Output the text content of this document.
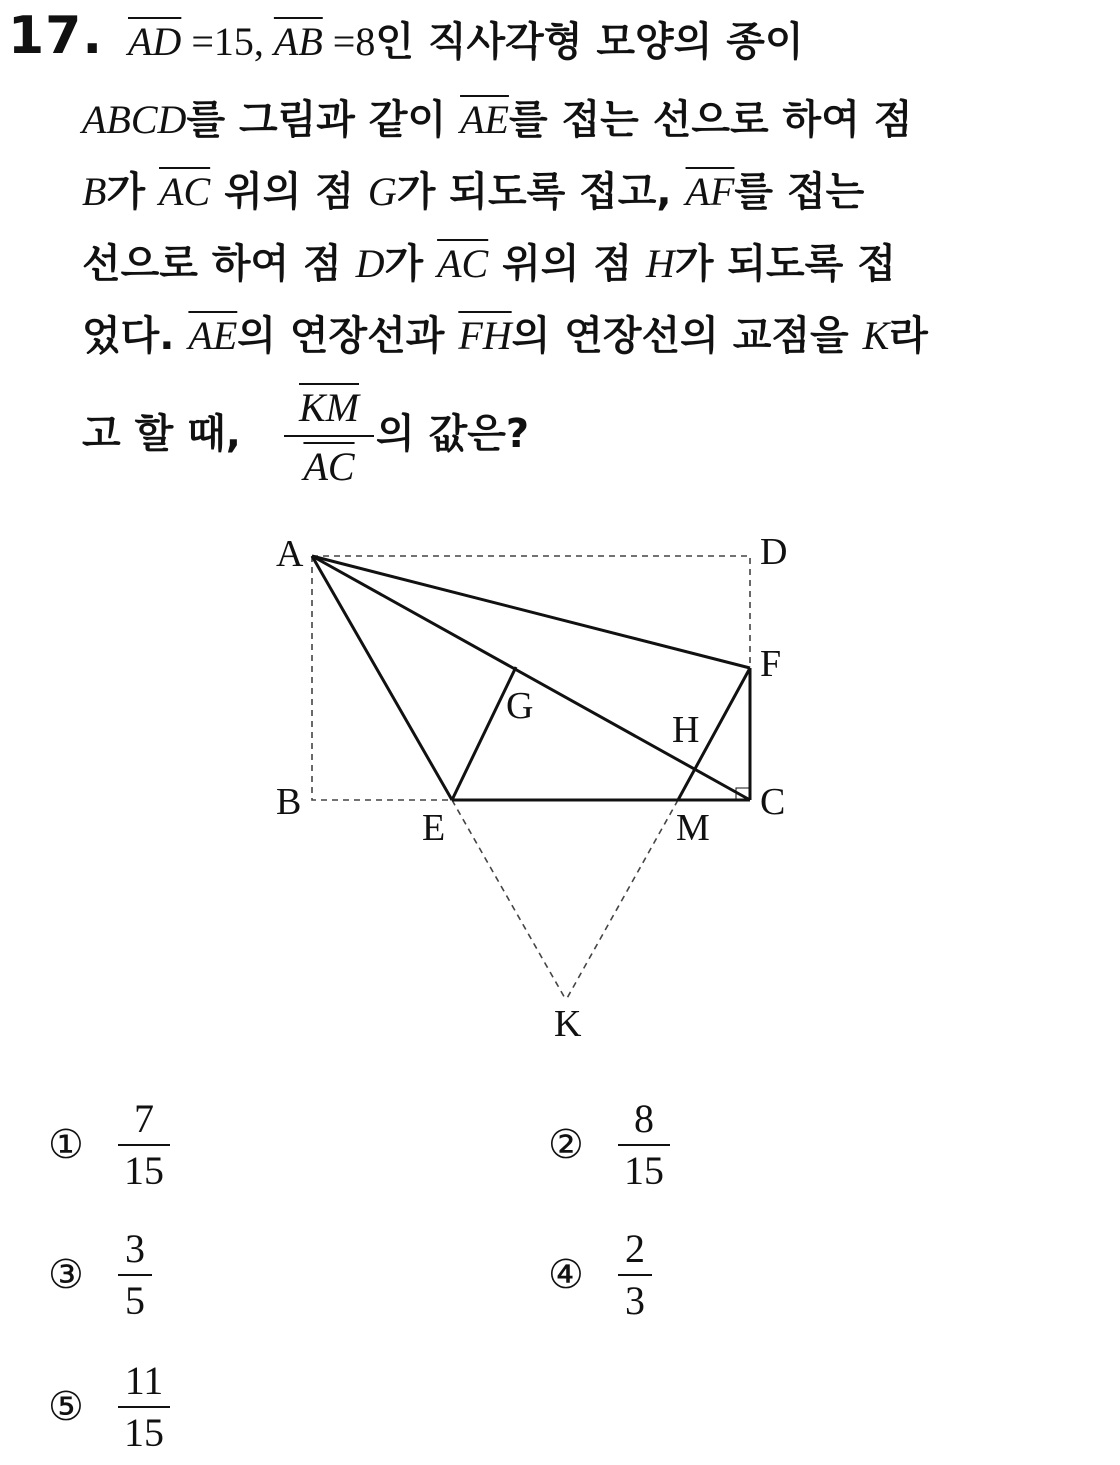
17. $\overline{AD} =15$, $\overline{AB} =8$인 직사각형 모양의 종이
ABCD를 그림과 같이 $\overline{AE}$를 접는 선으로 하여 점
B가 $\overline{AC}$ 위의 점 G가 되도록 접고, $\overline{AF}$를 접는
선으로 하여 점 D가 $\overline{AC}$ 위의 점 H가 되도록 접
었다. $\overline{AE}$의 연장선과 $\overline{FH}$의 연장선의 교점을 K라
고 할 때, $\frac{\overline{KM}}{AC}$ 의 값은?
A	D
F
G
H
B	C
E	M
K
①
7
15
②
8
15
③
3
5
④
2
3
⑤
11
15
